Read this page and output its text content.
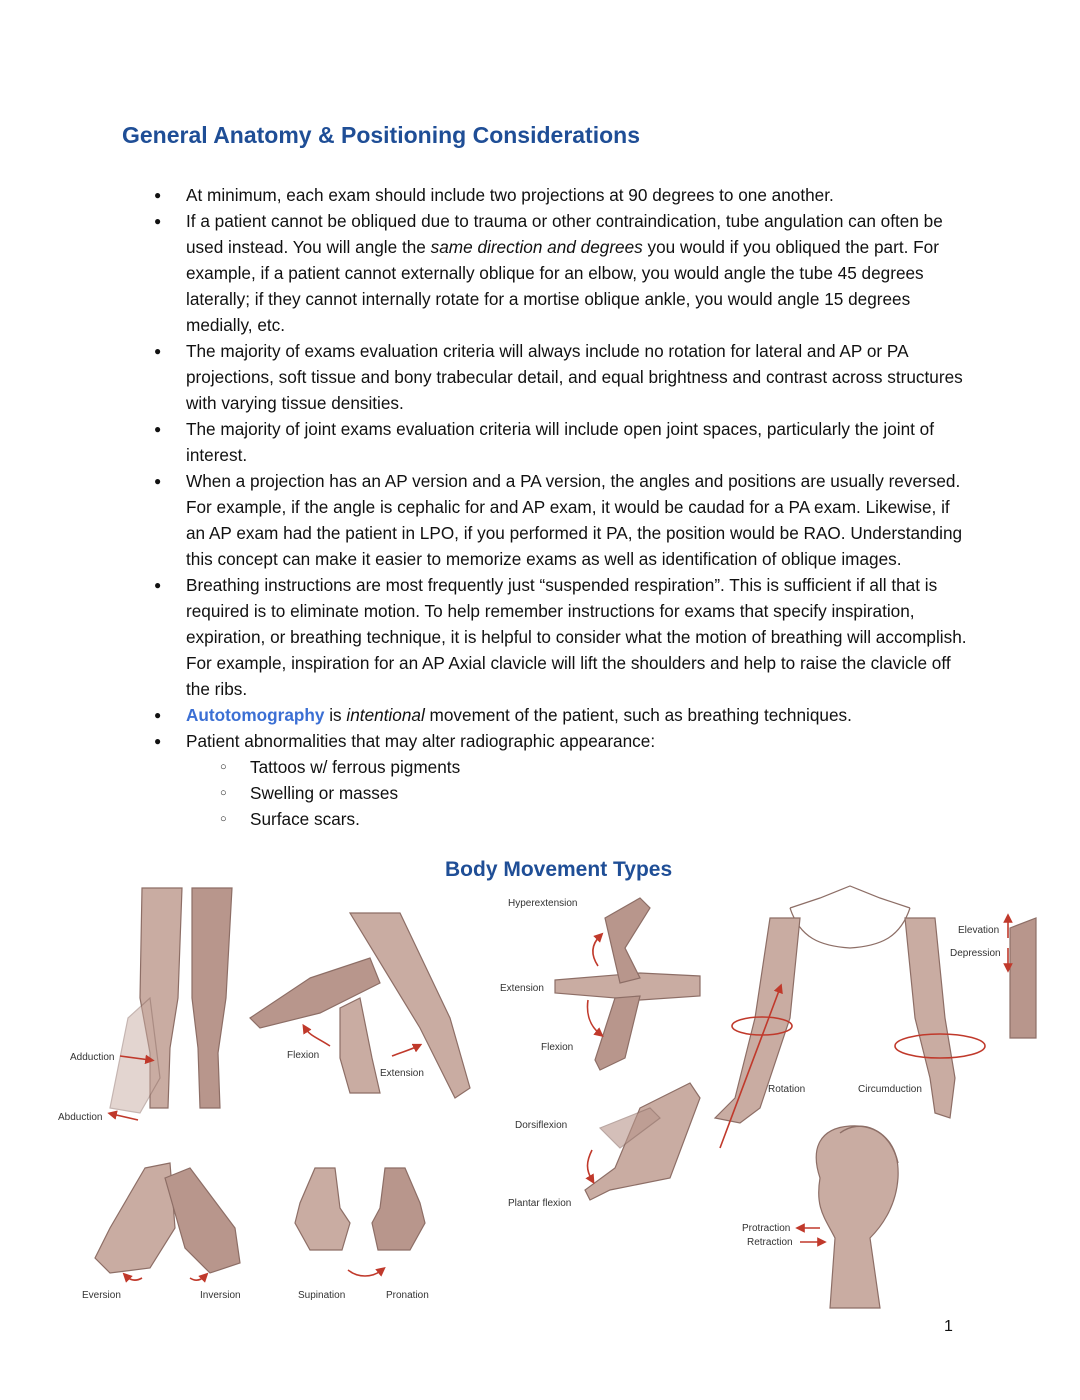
General Anatomy & Positioning Considerations
● At minimum, each exam should include two projections at 90 degrees to one another.
● If a patient cannot be obliqued due to trauma or other contraindication, tube angulation can often be used instead. You will angle the same direction and degrees you would if you obliqued the part. For example, if a patient cannot externally oblique for an elbow, you would angle the tube 45 degrees laterally; if they cannot internally rotate for a mortise oblique ankle, you would angle 15 degrees medially, etc.
● The majority of exams evaluation criteria will always include no rotation for lateral and AP or PA projections, soft tissue and bony trabecular detail, and equal brightness and contrast across structures with varying tissue densities.
● The majority of joint exams evaluation criteria will include open joint spaces, particularly the joint of interest.
● When a projection has an AP version and a PA version, the angles and positions are usually reversed. For example, if the angle is cephalic for and AP exam, it would be caudad for a PA exam. Likewise, if an AP exam had the patient in LPO, if you performed it PA, the position would be RAO. Understanding this concept can make it easier to memorize exams as well as identification of oblique images.
● Breathing instructions are most frequently just “suspended respiration”. This is sufficient if all that is required is to eliminate motion. To help remember instructions for exams that specify inspiration, expiration, or breathing technique, it is helpful to consider what the motion of breathing will accomplish. For example, inspiration for an AP Axial clavicle will lift the shoulders and help to raise the clavicle off the ribs.
● Autotomography is intentional movement of the patient, such as breathing techniques.
● Patient abnormalities that may alter radiographic appearance:
○ Tattoos w/ ferrous pigments
○ Swelling or masses
○ Surface scars.
Body Movement Types
Adduction
Abduction
Flexion
Extension
Hyperextension
Extension
Flexion
Dorsiflexion
Plantar flexion
Elevation
Depression
Rotation	Circumduction
Protraction
Retraction
Eversion	Inversion	Supination	Pronation
1
